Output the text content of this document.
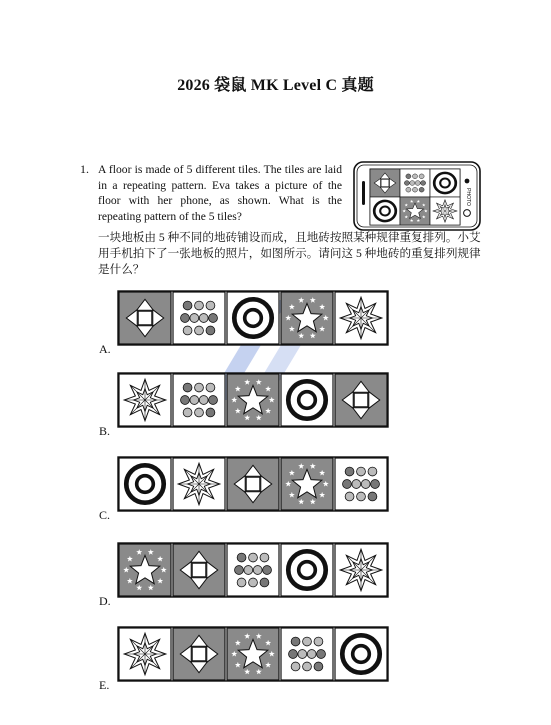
2026 袋鼠 MK Level C 真题
1. A floor is made of 5 different tiles. The tiles are laid in a repeating pattern. Eva takes a picture of the floor with her phone, as shown. What is the repeating pattern of the 5 tiles?

一块地板由 5 种不同的地砖铺设而成，且地砖按照某种规律重复排列。小艾用手机拍下了一张地板的照片，如图所示。请问这 5 种地砖的重复排列规律是什么？

PHOTO
A.
B.
C.
D.
E.
